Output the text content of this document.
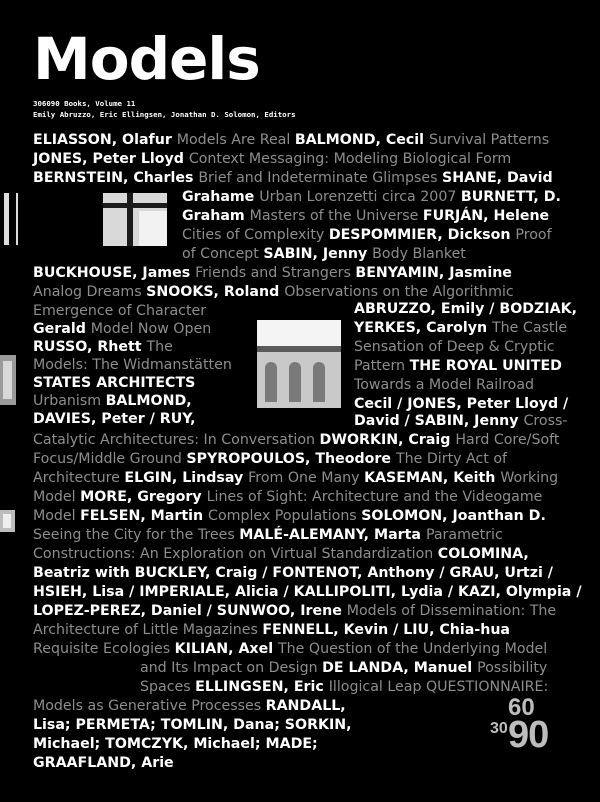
Models
306090 Books, Volume 11
Emily Abruzzo, Eric Ellingsen, Jonathan D. Solomon, Editors
ELIASSON, Olafur Models Are Real BALMOND, Cecil Survival Patterns
JONES, Peter Lloyd Context Messaging: Modeling Biological Form
BERNSTEIN, Charles Brief and Indeterminate Glimpses SHANE, David
Grahame Urban Lorenzetti circa 2007 BURNETT, D.
Graham Masters of the Universe FURJÁN, Helene
Cities of Complexity DESPOMMIER, Dickson Proof
of Concept SABIN, Jenny Body Blanket
BUCKHOUSE, James Friends and Strangers BENYAMIN, Jasmine
Analog Dreams SNOOKS, Roland Observations on the Algorithmic
Emergence of Character	ABRUZZO, Emily / BODZIAK,
Gerald Model Now Open	YERKES, Carolyn The Castle
RUSSO, Rhett The	Sensation of Deep & Cryptic
Models: The Widmanstätten	Pattern THE ROYAL UNITED
STATES ARCHITECTS	Towards a Model Railroad
Urbanism BALMOND,	Cecil / JONES, Peter Lloyd /
DAVIES, Peter / RUY,	David / SABIN, Jenny Cross-
Catalytic Architectures: In Conversation DWORKIN, Craig Hard Core/Soft
Focus/Middle Ground SPYROPOULOS, Theodore The Dirty Act of
Architecture ELGIN, Lindsay From One Many KASEMAN, Keith Working
Model MORE, Gregory Lines of Sight: Architecture and the Videogame
Model FELSEN, Martin Complex Populations SOLOMON, Joanthan D.
Seeing the City for the Trees MALÉ-ALEMANY, Marta Parametric
Constructions: An Exploration on Virtual Standardization COLOMINA,
Beatriz with BUCKLEY, Craig / FONTENOT, Anthony / GRAU, Urtzi /
HSIEH, Lisa / IMPERIALE, Alicia / KALLIPOLITI, Lydia / KAZI, Olympia /
LOPEZ-PEREZ, Daniel / SUNWOO, Irene Models of Dissemination: The
Architecture of Little Magazines FENNELL, Kevin / LIU, Chia-hua
Requisite Ecologies KILIAN, Axel The Question of the Underlying Model
and Its Impact on Design DE LANDA, Manuel Possibility
Spaces ELLINGSEN, Eric Illogical Leap QUESTIONNAIRE:
Models as Generative Processes RANDALL,
Lisa; PERMETA; TOMLIN, Dana; SORKIN,
Michael; TOMCZYK, Michael; MADE;
GRAAFLAND, Arie
60
30 90
